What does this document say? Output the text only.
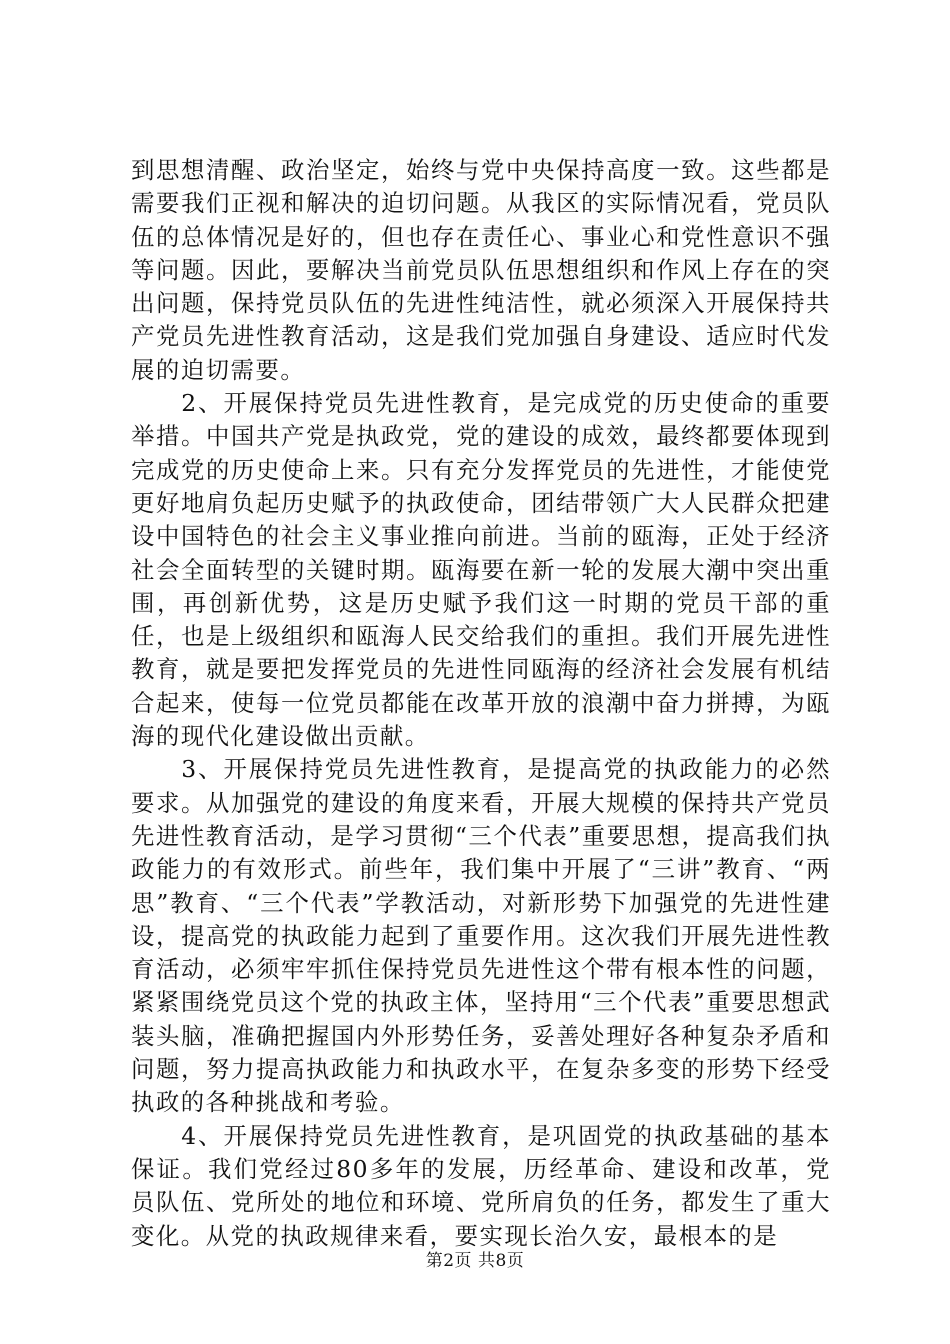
到思想清醒、政治坚定，始终与党中央保持高度一致。这些都是需要我们正视和解决的迫切问题。从我区的实际情况看，党员队伍的总体情况是好的，但也存在责任心、事业心和党性意识不强等问题。因此，要解决当前党员队伍思想组织和作风上存在的突出问题，保持党员队伍的先进性纯洁性，就必须深入开展保持共产党员先进性教育活动，这是我们党加强自身建设、适应时代发展的迫切需要。

2、开展保持党员先进性教育，是完成党的历史使命的重要举措。中国共产党是执政党，党的建设的成效，最终都要体现到完成党的历史使命上来。只有充分发挥党员的先进性，才能使党更好地肩负起历史赋予的执政使命，团结带领广大人民群众把建设中国特色的社会主义事业推向前进。当前的瓯海，正处于经济社会全面转型的关键时期。瓯海要在新一轮的发展大潮中突出重围，再创新优势，这是历史赋予我们这一时期的党员干部的重任，也是上级组织和瓯海人民交给我们的重担。我们开展先进性教育，就是要把发挥党员的先进性同瓯海的经济社会发展有机结合起来，使每一位党员都能在改革开放的浪潮中奋力拼搏，为瓯海的现代化建设做出贡献。

3、开展保持党员先进性教育，是提高党的执政能力的必然要求。从加强党的建设的角度来看，开展大规模的保持共产党员先进性教育活动，是学习贯彻“三个代表”重要思想，提高我们执政能力的有效形式。前些年，我们集中开展了“三讲”教育、“两思”教育、“三个代表”学教活动，对新形势下加强党的先进性建设，提高党的执政能力起到了重要作用。这次我们开展先进性教育活动，必须牢牢抓住保持党员先进性这个带有根本性的问题，紧紧围绕党员这个党的执政主体，坚持用“三个代表”重要思想武装头脑，准确把握国内外形势任务，妥善处理好各种复杂矛盾和问题，努力提高执政能力和执政水平，在复杂多变的形势下经受执政的各种挑战和考验。

4、开展保持党员先进性教育，是巩固党的执政基础的基本保证。我们党经过80多年的发展，历经革命、建设和改革，党员队伍、党所处的地位和环境、党所肩负的任务，都发生了重大变化。从党的执政规律来看，要实现长治久安，最根本的是

第2页 共8页
